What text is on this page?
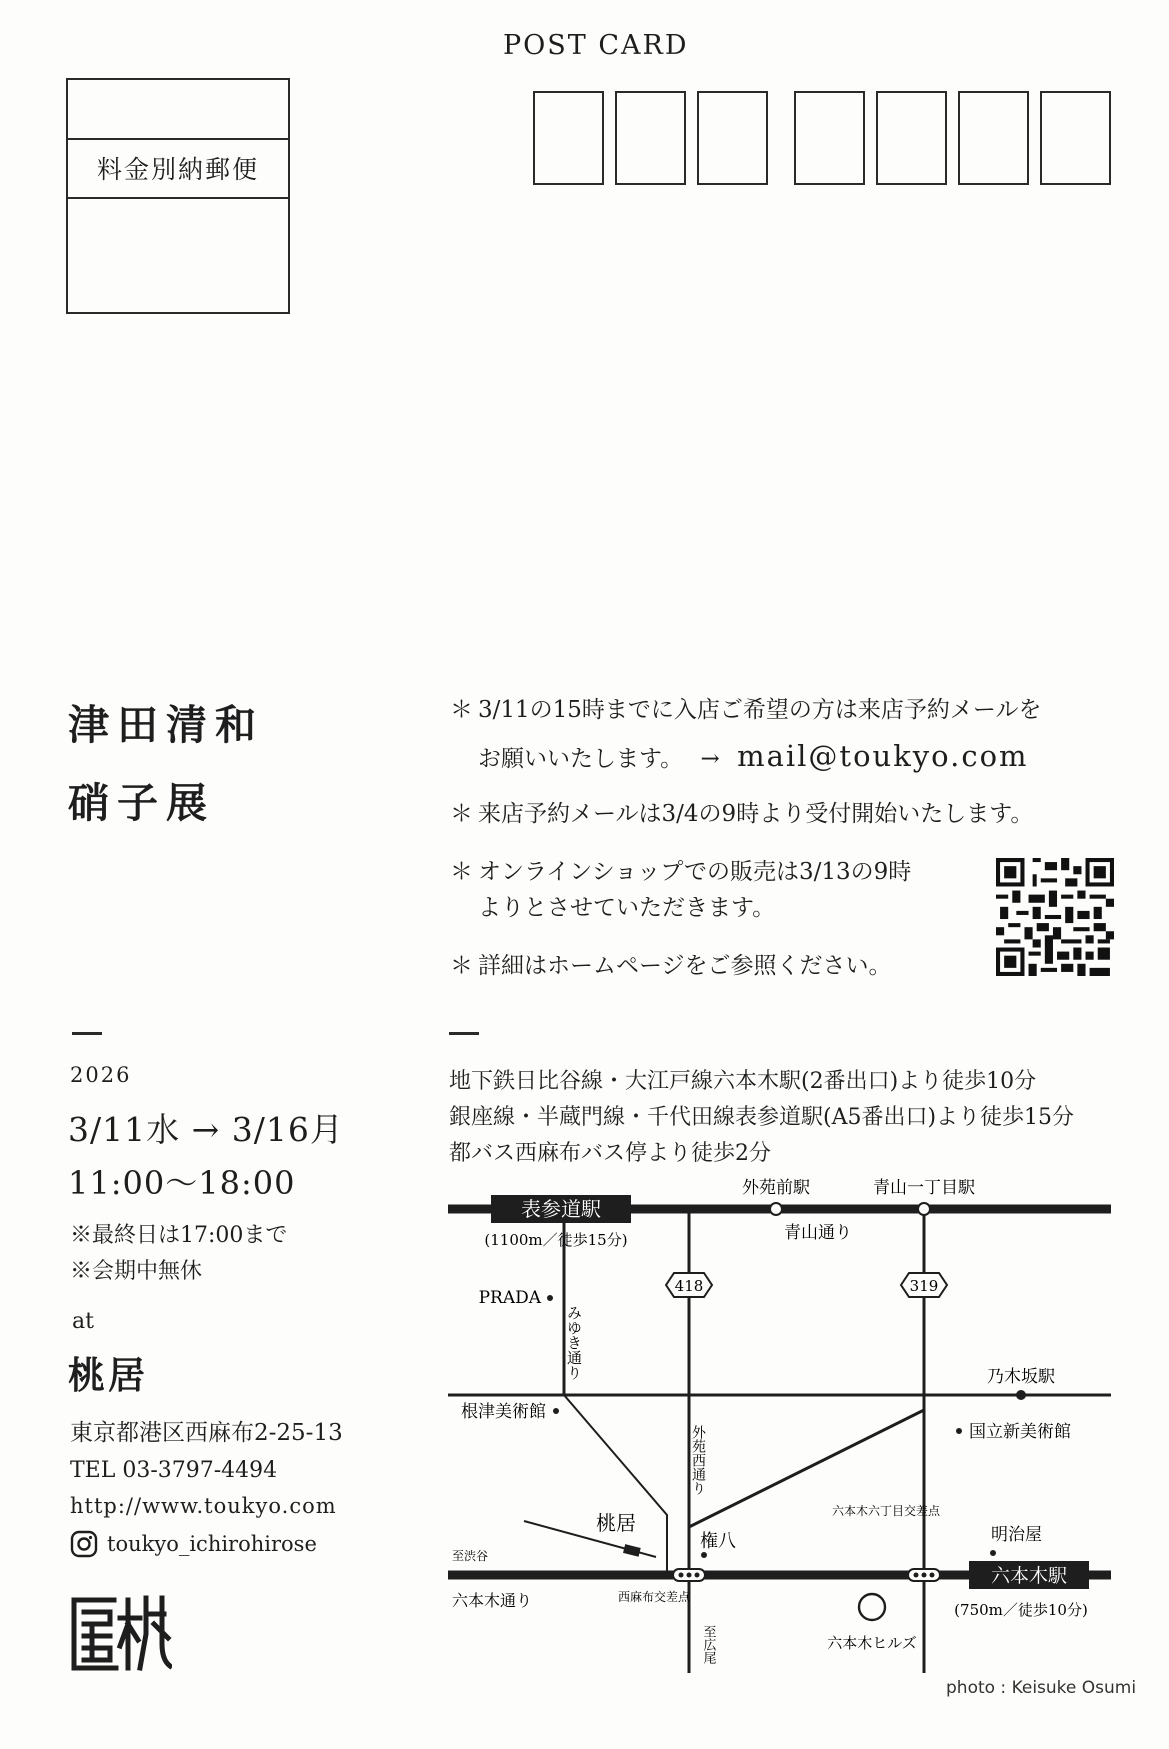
POST CARD
料金別納郵便
津田清和
硝子展
＊ 3/11の15時までに入店ご希望の方は来店予約メールを
お願いいたします。 → mail@toukyo.com
＊ 来店予約メールは3/4の9時より受付開始いたします。
＊ オンラインショップでの販売は3/13の9時
よりとさせていただきます。
＊ 詳細はホームページをご参照ください。
2026
3/11水 → 3/16月
11:00〜18:00
※最終日は17:00まで
※会期中無休
at
桃居
東京都港区西麻布2-25-13
TEL 03-3797-4494
http://www.toukyo.com
toukyo_ichirohirose
地下鉄日比谷線・大江戸線六本木駅(2番出口)より徒歩10分
銀座線・半蔵門線・千代田線表参道駅(A5番出口)より徒歩15分
都バス西麻布バス停より徒歩2分
表参道駅
(1100m／徒歩15分)
六本木駅
(750m／徒歩10分)
外苑前駅	青山一丁目駅
青山通り
418	319
PRADA
みゆき通り	乃木坂駅
根津美術館
国立新美術館
外苑西通り
桃居
権八
六本木六丁目交差点
明治屋
至渋谷
六本木通り	西麻布交差点
至広尾	六本木ヒルズ
photo : Keisuke Osumi
